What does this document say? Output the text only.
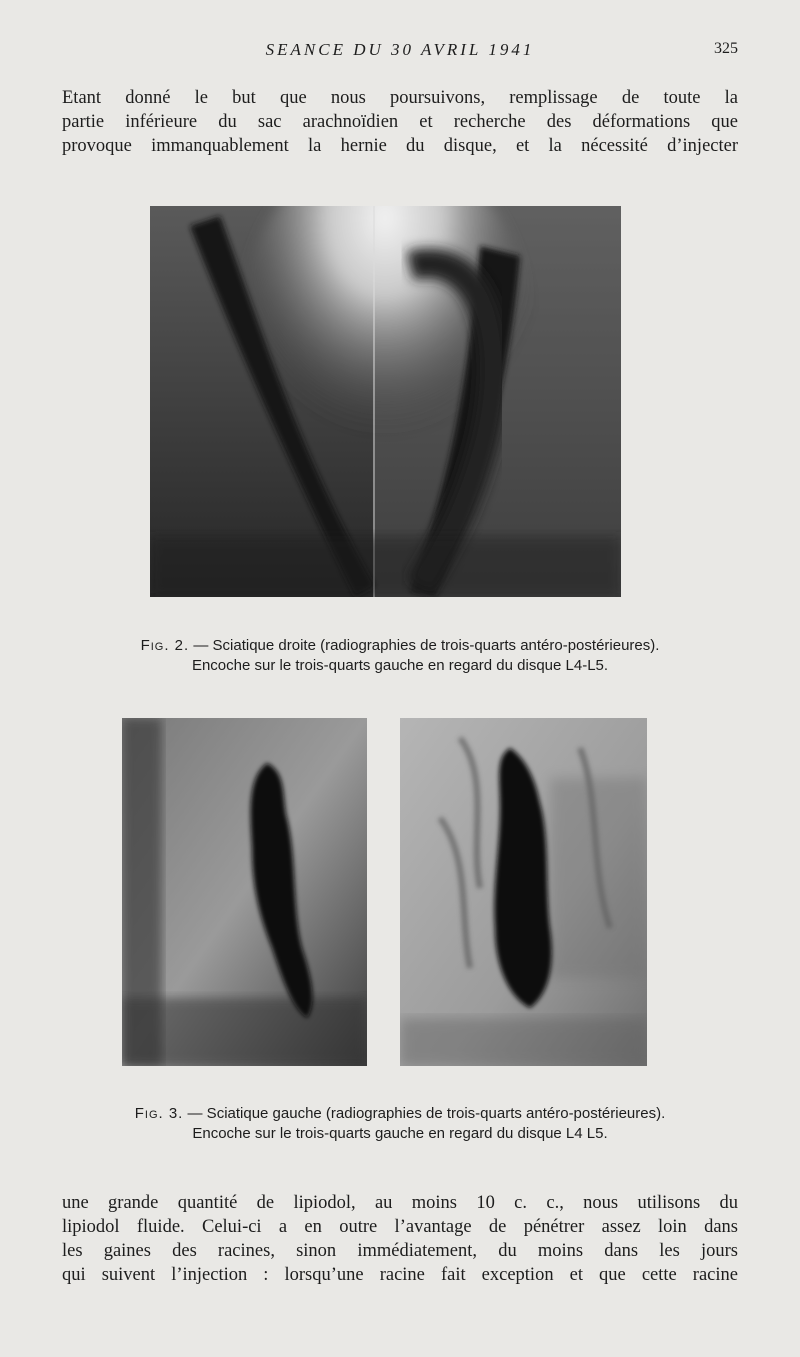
SEANCE DU 30 AVRIL 1941	325
Etant donné le but que nous poursuivons, remplissage de toute la
partie inférieure du sac arachnoïdien et recherche des déformations que
provoque immanquablement la hernie du disque, et la nécessité d’injecter

Fig. 2. — Sciatique droite (radiographies de trois-quarts antéro-postérieures).
Encoche sur le trois-quarts gauche en regard du disque L4-L5.

Fig. 3. — Sciatique gauche (radiographies de trois-quarts antéro-postérieures).
Encoche sur le trois-quarts gauche en regard du disque L4 L5.

une grande quantité de lipiodol, au moins 10 c. c., nous utilisons du
lipiodol fluide. Celui-ci a en outre l’avantage de pénétrer assez loin dans
les gaines des racines, sinon immédiatement, du moins dans les jours
qui suivent l’injection : lorsqu’une racine fait exception et que cette racine
